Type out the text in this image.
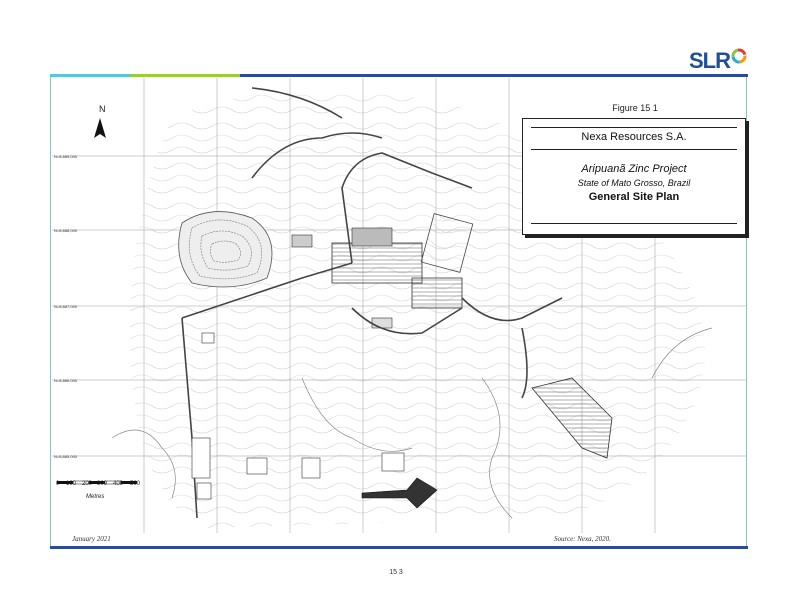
SLR
N=8,889,000
N=8,888,000
N=8,887,000
N=8,886,000
N=8,885,000
N
0 100 200 300 400 500
Metres
Figure 15 1
Nexa Resources S.A.
Aripuanã Zinc Project
State of Mato Grosso, Brazil
General Site Plan
January 2021	Source: Nexa, 2020.
15 3
